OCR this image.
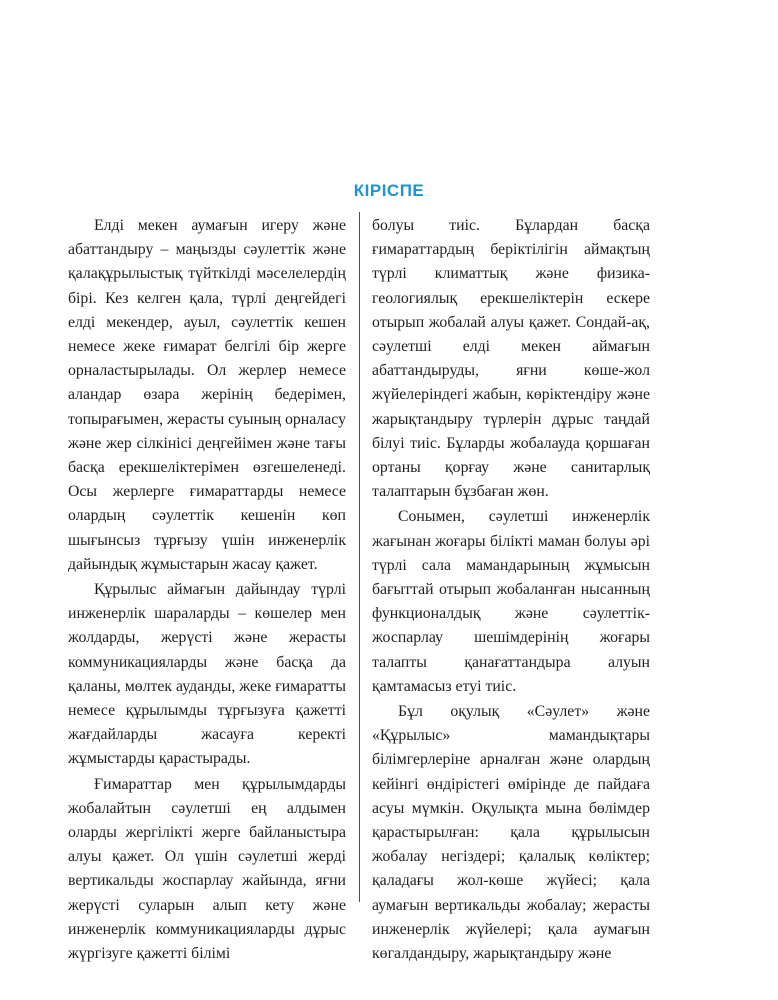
КІРІСПЕ

Елді мекен аумағын игеру және абаттандыру – маңызды сәулеттік және қалақұрылыстық түйткілді мәселелердің бірі. Кез келген қала, түрлі деңгейдегі елді мекендер, ауыл, сәулеттік кешен немесе жеке ғимарат белгілі бір жерге орналастырылады. Ол жерлер немесе аландар өзара жерінің бедерімен, топырағымен, жерасты суының орналасу және жер сілкінісі деңгейімен және тағы басқа ерекшеліктерімен өзгешеленеді. Осы жерлерге ғимараттарды немесе олардың сәулеттік кешенін көп шығынсыз тұрғызу үшін инженерлік дайындық жұмыстарын жасау қажет.

Құрылыс аймағын дайындау түрлі инженерлік шараларды – көшелер мен жолдарды, жерүсті және жерасты коммуникацияларды және басқа да қаланы, мөлтек ауданды, жеке ғимаратты немесе құрылымды тұрғызуға қажетті жағдайларды жасауға керекті жұмыстарды қарастырады.

Ғимараттар мен құрылымдарды жобалайтын сәулетші ең алдымен оларды жергілікті жерге байланыстыра алуы қажет. Ол үшін сәулетші жерді вертикальды жоспарлау жайында, яғни жерүсті суларын алып кету және инженерлік коммуникацияларды дұрыс жүргізуге қажетті білімі

болуы тиіс. Бұлардан басқа ғимараттардың беріктілігін аймақтың түрлі климаттық және физика-геологиялық ерекшеліктерін ескере отырып жобалай алуы қажет. Сондай-ақ, сәулетші елді мекен аймағын абаттандыруды, яғни көше-жол жүйелеріндегі жабын, көріктендіру және жарықтандыру түрлерін дұрыс таңдай білуі тиіс. Бұларды жобалауда қоршаған ортаны қорғау және санитарлық талаптарын бұзбаған жөн.

Сонымен, сәулетші инженерлік жағынан жоғары білікті маман болуы әрі түрлі сала мамандарының жұмысын бағыттай отырып жобаланған нысанның функционалдық және сәулеттік-жоспарлау шешімдерінің жоғары талапты қанағаттандыра алуын қамтамасыз етуі тиіс.

Бұл оқулық «Сәулет» және «Құрылыс» мамандықтары білімгерлеріне арналған және олардың кейінгі өндірістегі өмірінде де пайдаға асуы мүмкін. Оқулықта мына бөлімдер қарастырылған: қала құрылысын жобалау негіздері; қалалық көліктер; қаладағы жол-көше жүйесі; қала аумағын вертикальды жобалау; жерасты инженерлік жүйелері; қала аумағын көгалдандыру, жарықтандыру және
